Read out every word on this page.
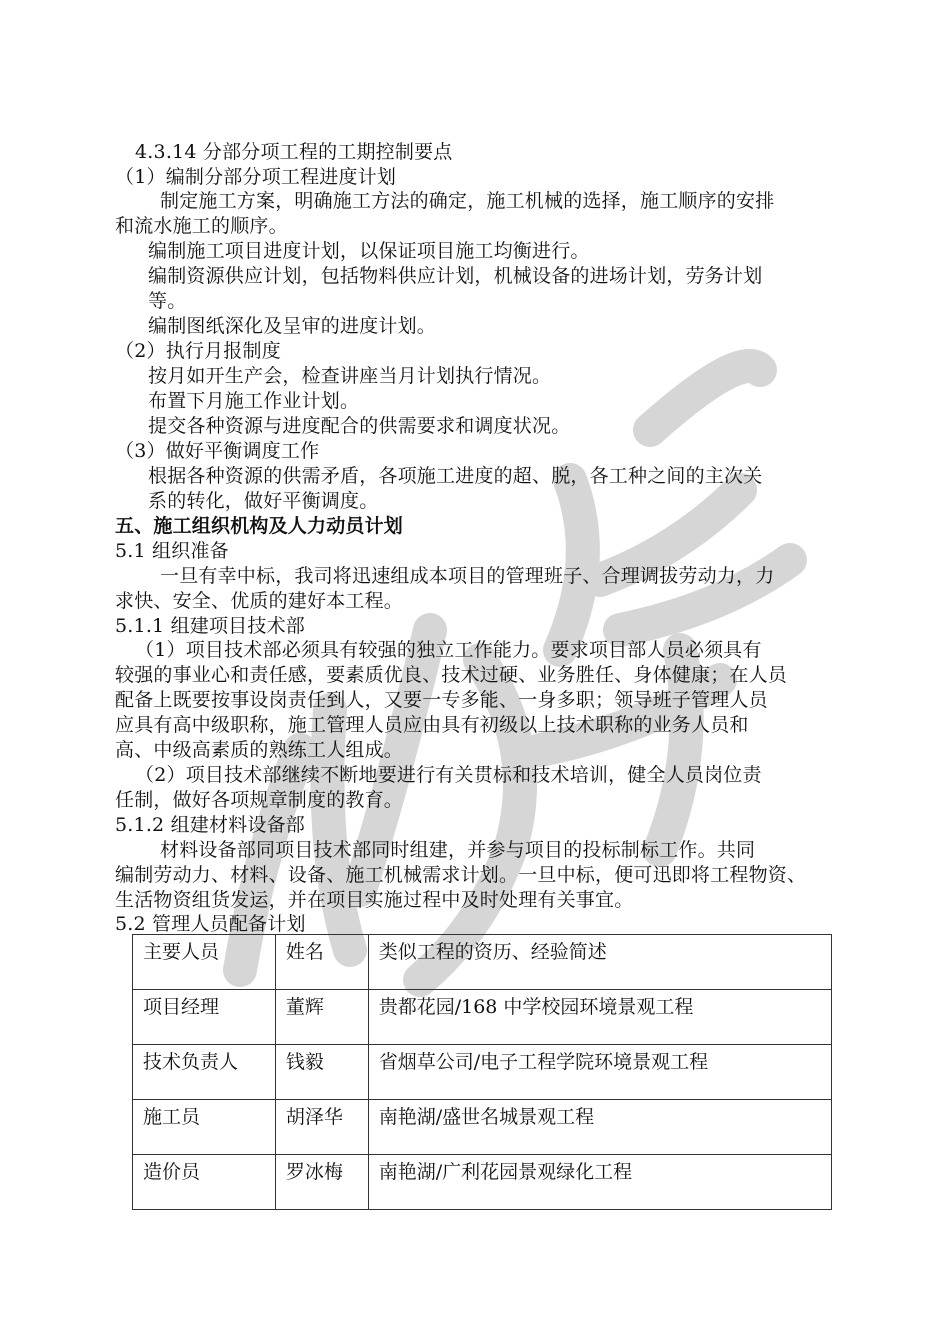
4.3.14 分部分项工程的工期控制要点
（1）编制分部分项工程进度计划
制定施工方案，明确施工方法的确定，施工机械的选择，施工顺序的安排
和流水施工的顺序。
编制施工项目进度计划，以保证项目施工均衡进行。
编制资源供应计划，包括物料供应计划，机械设备的进场计划，劳务计划
等。
编制图纸深化及呈审的进度计划。
（2）执行月报制度
按月如开生产会，检查讲座当月计划执行情况。
布置下月施工作业计划。
提交各种资源与进度配合的供需要求和调度状况。
（3）做好平衡调度工作
根据各种资源的供需矛盾，各项施工进度的超、脱，各工种之间的主次关
系的转化，做好平衡调度。
五、施工组织机构及人力动员计划
5.1 组织准备
一旦有幸中标，我司将迅速组成本项目的管理班子、合理调拔劳动力，力
求快、安全、优质的建好本工程。
5.1.1 组建项目技术部
（1）项目技术部必须具有较强的独立工作能力。要求项目部人员必须具有
较强的事业心和责任感，要素质优良、技术过硬、业务胜任、身体健康；在人员
配备上既要按事设岗责任到人，又要一专多能、一身多职；领导班子管理人员
应具有高中级职称，施工管理人员应由具有初级以上技术职称的业务人员和
高、中级高素质的熟练工人组成。
（2）项目技术部继续不断地要进行有关贯标和技术培训，健全人员岗位责
任制，做好各项规章制度的教育。
5.1.2 组建材料设备部
材料设备部同项目技术部同时组建，并参与项目的投标制标工作。共同
编制劳动力、材料、设备、施工机械需求计划。一旦中标，便可迅即将工程物资、
生活物资组货发运，并在项目实施过程中及时处理有关事宜。
5.2 管理人员配备计划
主要人员	姓名	类似工程的资历、经验简述
项目经理	董辉	贵都花园/168 中学校园环境景观工程
技术负责人	钱毅	省烟草公司/电子工程学院环境景观工程
施工员	胡泽华	南艳湖/盛世名城景观工程
造价员	罗冰梅	南艳湖/广利花园景观绿化工程
